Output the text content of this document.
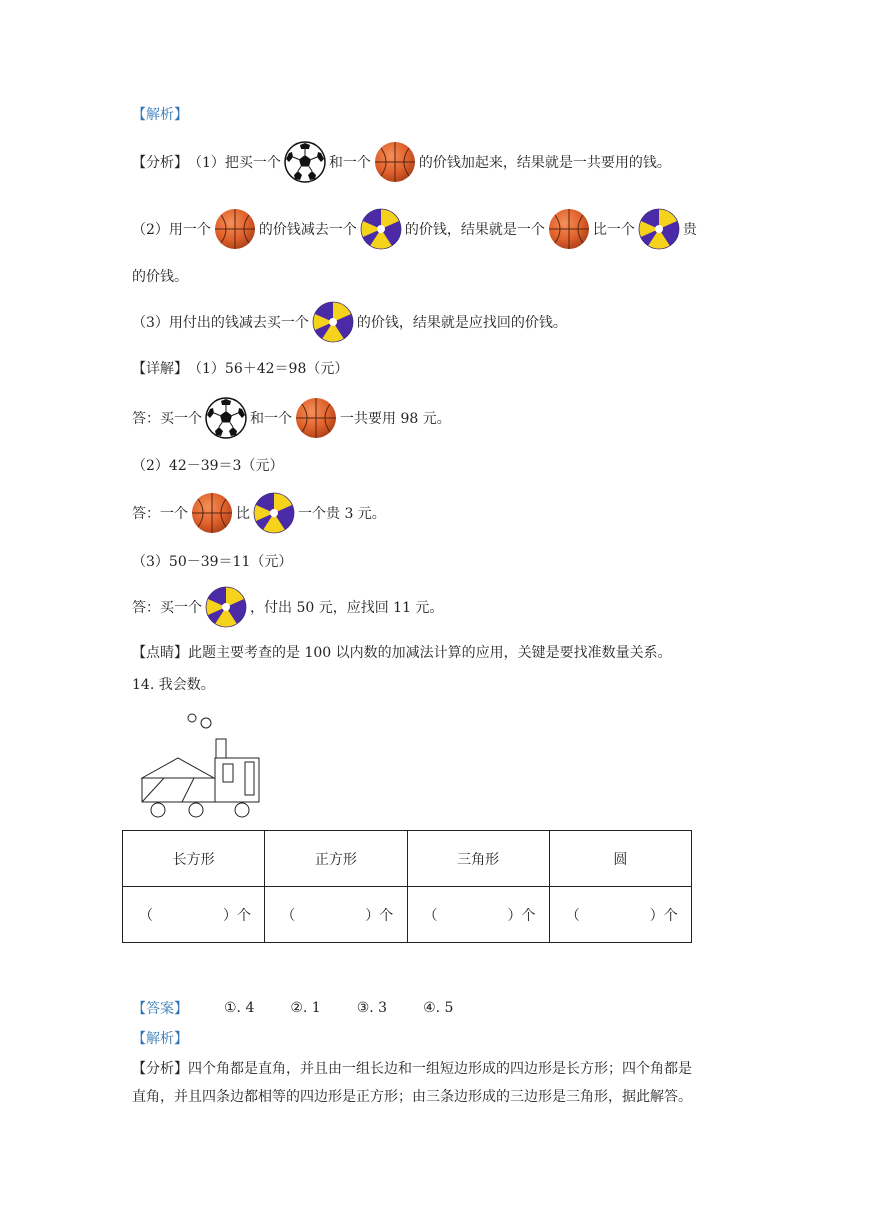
【解析】
【分析】 （1）把买一个	和一个	的价钱加起来，结果就是一共要用的钱。
（2）用一个	的价钱减去一个	的价钱，结果就是一个	比一个	贵
的价钱。
（3）用付出的钱减去买一个	的价钱，结果就是应找回的价钱。
【详解】 （1）56＋42＝98（元）
答：买一个	和一个	一共要用 98 元。
（2）42－39＝3（元）
答：一个	比	一个贵 3 元。
（3）50－39＝11（元）
答：买一个	，付出 50 元，应找回 11 元。
【点睛】 此题主要考查的是 100 以内数的加减法计算的应用，关键是要找准数量关系。
14. 我会数。
长方形	正方形	三角形	圆
（ ）个	（ ）个	（ ）个	（ ）个
【答案】	①. 4	②. 1	③. 3	④. 5
【解析】
【分析】 四个角都是直角，并且由一组长边和一组短边形成的四边形是长方形；四个角都是
直角，并且四条边都相等的四边形是正方形；由三条边形成的三边形是三角形，据此解答。
